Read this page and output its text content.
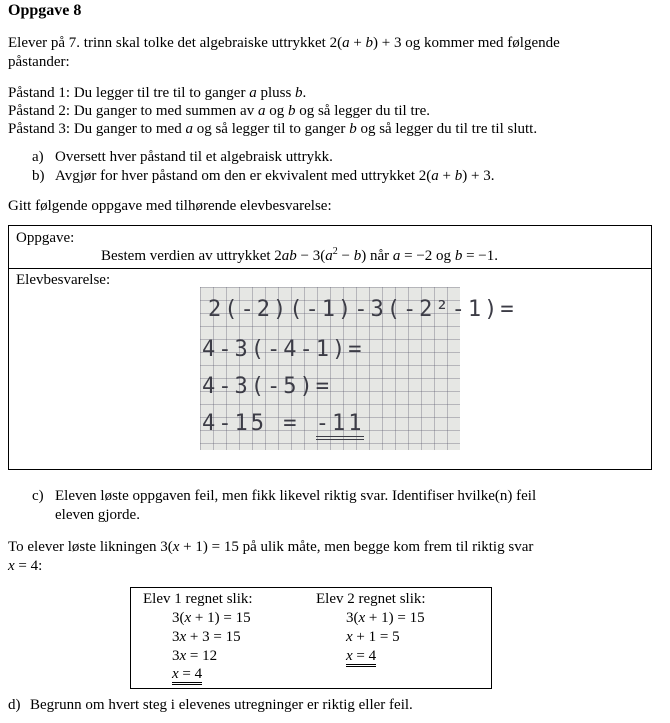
Oppgave 8
Elever på 7. trinn skal tolke det algebraiske uttrykket 2(a + b) + 3 og kommer med følgende
påstander:
Påstand 1: Du legger til tre til to ganger a pluss b.
Påstand 2: Du ganger to med summen av a og b og så legger du til tre.
Påstand 3: Du ganger to med a og så legger til to ganger b og så legger du til tre til slutt.
a) Oversett hver påstand til et algebraisk uttrykk.
b) Avgjør for hver påstand om den er ekvivalent med uttrykket 2(a + b) + 3.
Gitt følgende oppgave med tilhørende elevbesvarelse:
Oppgave:
Bestem verdien av uttrykket $2ab - 3(a^2 - b)$ når a = −2 og b = −1.
Elevbesvarelse:
2(-2)(-1)-3(-2²-1)=
4-3(-4-1)=
4-3(-5)=
4-15 = -11
c) Eleven løste oppgaven feil, men fikk likevel riktig svar. Identifiser hvilke(n) feil
eleven gjorde.
To elever løste likningen 3(x + 1) = 15 på ulik måte, men begge kom frem til riktig svar
x = 4:
Elev 1 regnet slik:
3(x + 1) = 15
3x + 3 = 15
3x = 12
x = 4
Elev 2 regnet slik:
3(x + 1) = 15
x + 1 = 5
x = 4
d) Begrunn om hvert steg i elevenes utregninger er riktig eller feil.
